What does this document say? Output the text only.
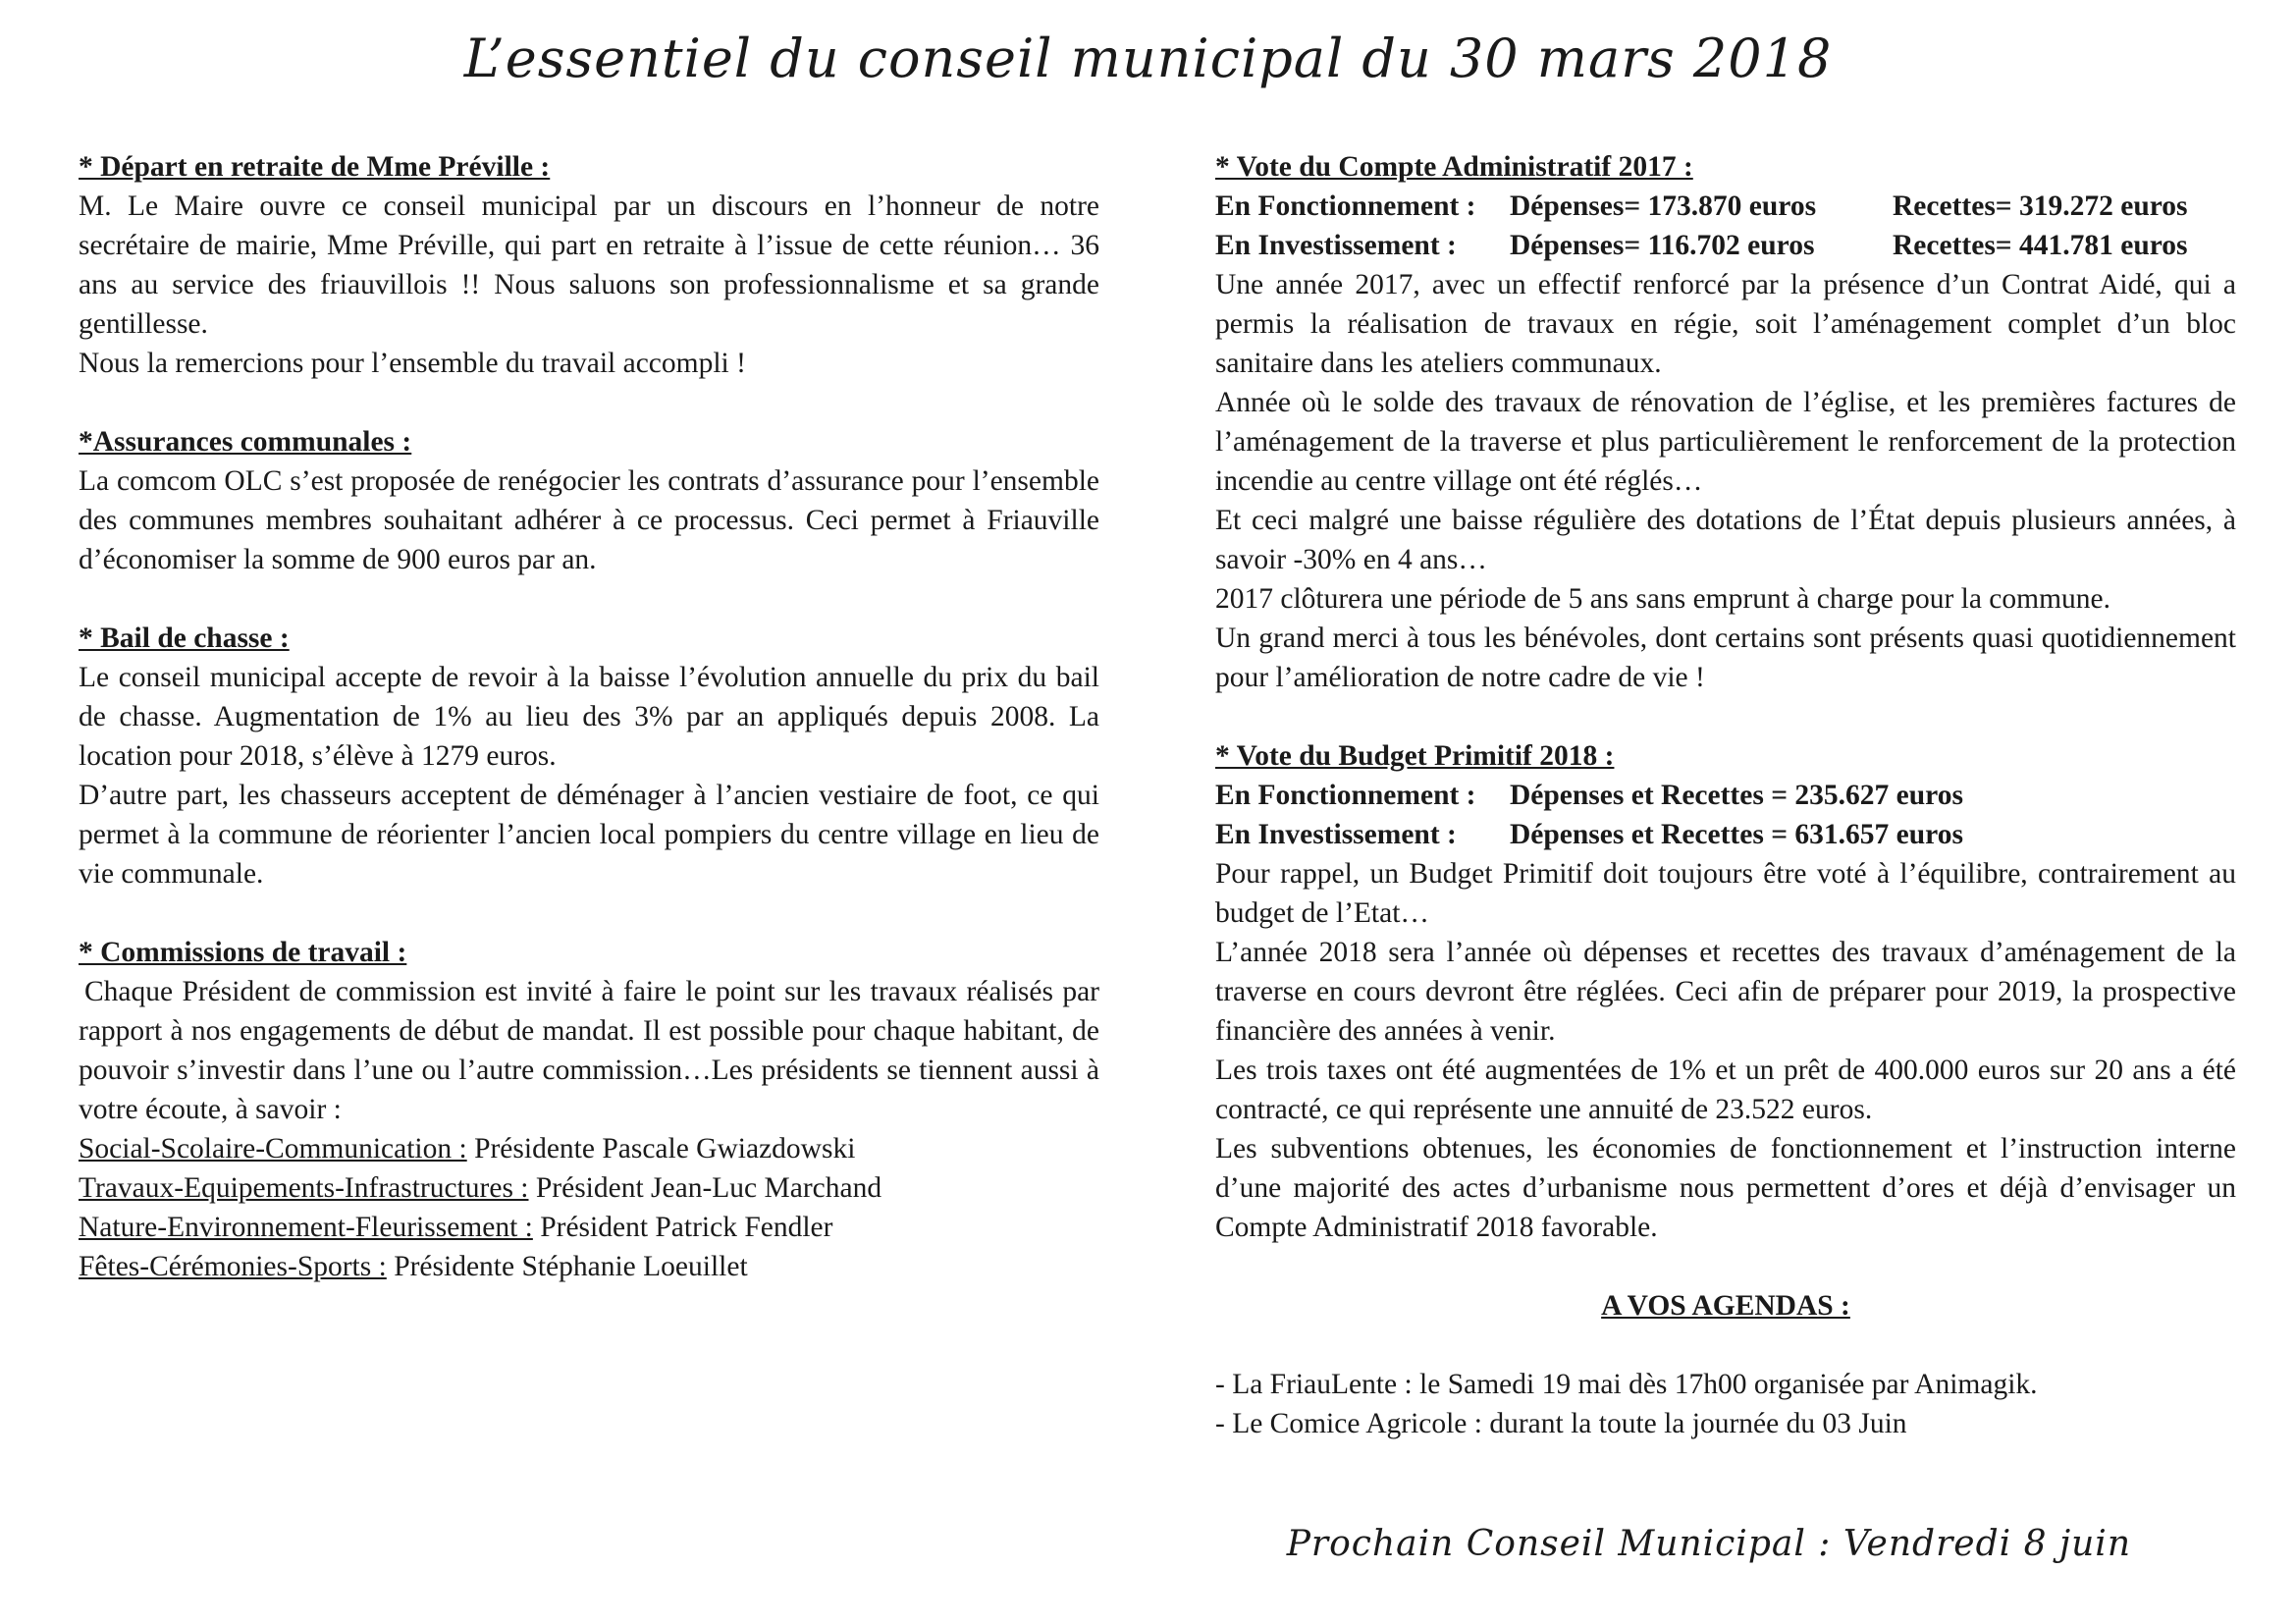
L’essentiel du conseil municipal du 30 mars 2018
* Départ en retraite de Mme Préville :
M. Le Maire ouvre ce conseil municipal par un discours en l’honneur de notre secrétaire de mairie, Mme Préville, qui part en retraite à l’issue de cette réunion… 36 ans au service des friauvillois !! Nous saluons son professionnalisme et sa grande gentillesse.
Nous la remercions pour l’ensemble du travail accompli !
*Assurances communales :
La comcom OLC s’est proposée de renégocier les contrats d’assurance pour l’ensemble des communes membres souhaitant adhérer à ce processus. Ceci permet à Friauville d’économiser la somme de 900 euros par an.
* Bail de chasse :
Le conseil municipal accepte de revoir à la baisse l’évolution annuelle du prix du bail de chasse. Augmentation de 1% au lieu des 3% par an appliqués depuis 2008. La location pour 2018, s’élève à 1279 euros.
D’autre part, les chasseurs acceptent de déménager à l’ancien vestiaire de foot, ce qui permet à la commune de réorienter l’ancien local pompiers du centre village en lieu de vie communale.
* Commissions de travail :
Chaque Président de commission est invité à faire le point sur les travaux réalisés par rapport à nos engagements de début de mandat. Il est possible pour chaque habitant, de pouvoir s’investir dans l’une ou l’autre commission…Les présidents se tiennent aussi à votre écoute, à savoir :
Social-Scolaire-Communication : Présidente Pascale Gwiazdowski
Travaux-Equipements-Infrastructures : Président Jean-Luc Marchand
Nature-Environnement-Fleurissement : Président Patrick Fendler
Fêtes-Cérémonies-Sports : Présidente Stéphanie Loeuillet
* Vote du Compte Administratif 2017 :
En Fonctionnement :	Dépenses= 173.870 euros	Recettes= 319.272 euros
En Investissement :	Dépenses= 116.702 euros	Recettes= 441.781 euros
Une année 2017, avec un effectif renforcé par la présence d’un Contrat Aidé, qui a permis la réalisation de travaux en régie, soit l’aménagement complet d’un bloc sanitaire dans les ateliers communaux.
Année où le solde des travaux de rénovation de l’église, et les premières factures de l’aménagement de la traverse et plus particulièrement le renforcement de la protection incendie au centre village ont été réglés…
Et ceci malgré une baisse régulière des dotations de l’État depuis plusieurs années, à savoir -30% en 4 ans…
2017 clôturera une période de 5 ans sans emprunt à charge pour la commune.
Un grand merci à tous les bénévoles, dont certains sont présents quasi quotidiennement pour l’amélioration de notre cadre de vie !
* Vote du Budget Primitif 2018 :
En Fonctionnement :	Dépenses et Recettes = 235.627 euros
En Investissement :	Dépenses et Recettes = 631.657 euros
Pour rappel, un Budget Primitif doit toujours être voté à l’équilibre, contrairement au budget de l’Etat…
L’année 2018 sera l’année où dépenses et recettes des travaux d’aménagement de la traverse en cours devront être réglées. Ceci afin de préparer pour 2019, la prospective financière des années à venir.
Les trois taxes ont été augmentées de 1% et un prêt de 400.000 euros sur 20 ans a été contracté, ce qui représente une annuité de 23.522 euros.
Les subventions obtenues, les économies de fonctionnement et l’instruction interne d’une majorité des actes d’urbanisme nous permettent d’ores et déjà d’envisager un Compte Administratif 2018 favorable.
A VOS AGENDAS :
- La FriauLente : le Samedi 19 mai dès 17h00 organisée par Animagik.
- Le Comice Agricole : durant la toute la journée du 03 Juin
Prochain Conseil Municipal : Vendredi 8 juin
